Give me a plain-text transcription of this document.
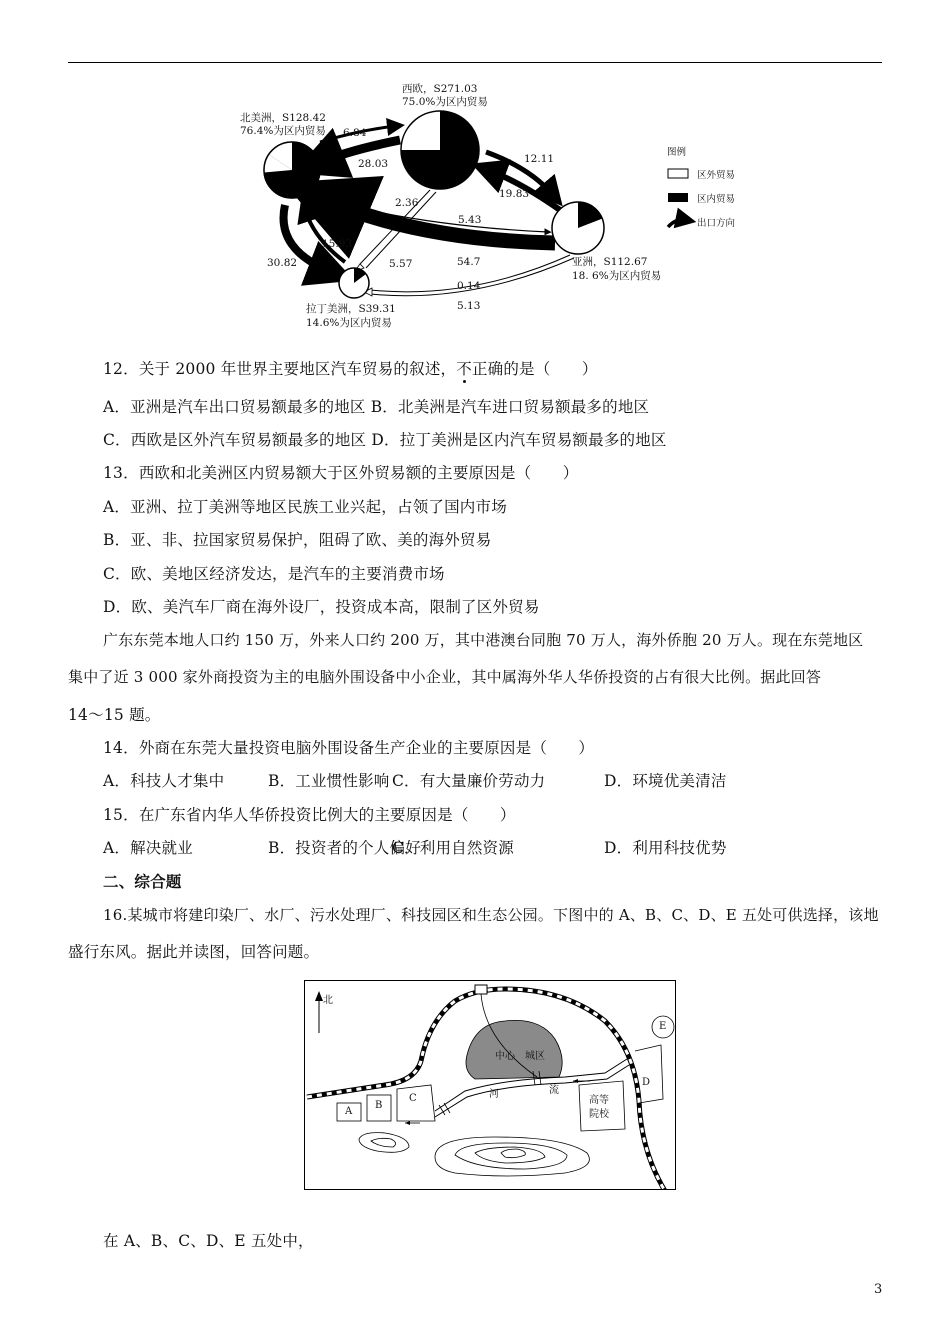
西欧，S271.03
75.0%为区内贸易
北美洲，S128.42
76.4%为区内贸易
亚洲，S112.67
18. 6%为区内贸易
拉丁美洲，S39.31
14.6%为区内贸易
6.84
28.03	12.11
19.83
2.36
5.43
15.93
30.82	5.57	54.7
0.14
5.13
图例
区外贸易
区内贸易
出口方向
12．关于 2000 年世界主要地区汽车贸易的叙述，不正确的是（　　）
A．亚洲是汽车出口贸易额最多的地区 B．北美洲是汽车进口贸易额最多的地区
C．西欧是区外汽车贸易额最多的地区 D．拉丁美洲是区内汽车贸易额最多的地区
13．西欧和北美洲区内贸易额大于区外贸易额的主要原因是（　　）
A．亚洲、拉丁美洲等地区民族工业兴起，占领了国内市场
B．亚、非、拉国家贸易保护，阻碍了欧、美的海外贸易
C．欧、美地区经济发达，是汽车的主要消费市场
D．欧、美汽车厂商在海外设厂，投资成本高，限制了区外贸易
广东东莞本地人口约 150 万，外来人口约 200 万，其中港澳台同胞 70 万人，海外侨胞 20 万人。现在东莞地区
集中了近 3 000 家外商投资为主的电脑外围设备中小企业，其中属海外华人华侨投资的占有很大比例。据此回答
14～15 题。
14．外商在东莞大量投资电脑外围设备生产企业的主要原因是（　　）
A．科技人才集中	B．工业惯性影响 C．有大量廉价劳动力	D．环境优美清洁
15．在广东省内华人华侨投资比例大的主要原因是（　　）
A．解决就业	B．投资者的个人偏好
C．利用自然资源	D．利用科技优势
二、综合题
16.某城市将建印染厂、水厂、污水处理厂、科技园区和生态公园。下图中的 A、B、C、D、E 五处可供选择，该地
盛行东风。据此并读图，回答问题。
北
中心　城区
河	流
高等
院校
A
B
C
D
E
在 A、B、C、D、E 五处中，
3
